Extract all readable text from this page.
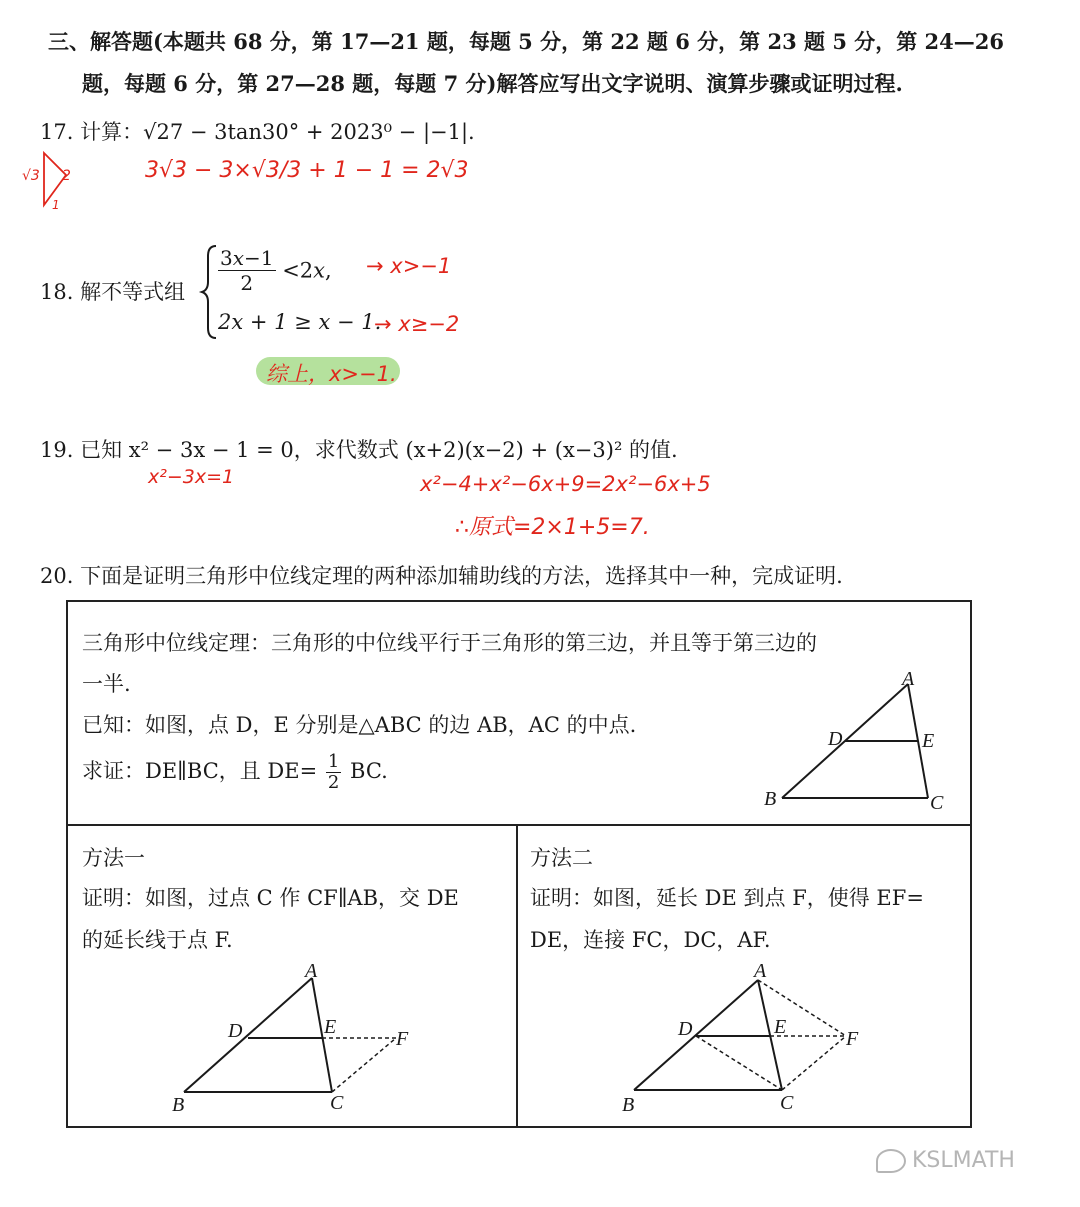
三、解答题(本题共 68 分，第 17—21 题，每题 5 分，第 22 题 6 分，第 23 题 5 分，第 24—26
题，每题 6 分，第 27—28 题，每题 7 分)解答应写出文字说明、演算步骤或证明过程.
17. 计算：√27 − 3tan30° + 2023⁰ − |−1|.
√3 2
1
3√3 − 3×√3/3 + 1 − 1 = 2√3
18. 解不等式组 $\frac{3x-1}{2} <2x$,
2x + 1 ≥ x − 1.
→ x>−1
→ x≥−2
综上，x>−1.
19. 已知 x² − 3x − 1 = 0，求代数式 (x+2)(x−2) + (x−3)² 的值.
x²−3x=1	x²−4+x²−6x+9=2x²−6x+5
∴原式=2×1+5=7.
20. 下面是证明三角形中位线定理的两种添加辅助线的方法，选择其中一种，完成证明.
三角形中位线定理：三角形的中位线平行于三角形的第三边，并且等于第三边的
一半.
已知：如图，点 D，E 分别是△ABC 的边 AB，AC 的中点.
求证：DE∥BC，且 $DE= \frac{1}{2}$ BC.
A
D	E
B	C
方法一
证明：如图，过点 C 作 CF∥AB，交 DE
的延长线于点 F.
A
D	E
F
B	C
方法二
证明：如图，延长 DE 到点 F，使得 EF=
DE，连接 FC，DC，AF.
A
D	E
F
B	C
KSLMATH
